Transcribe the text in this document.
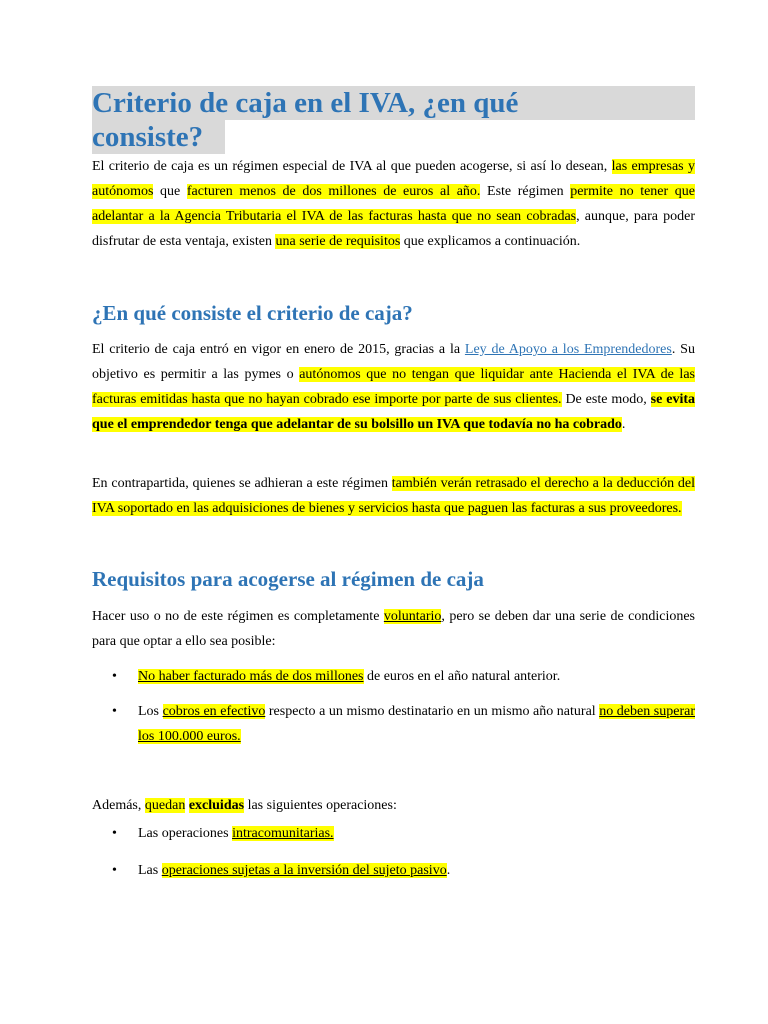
Criterio de caja en el IVA, ¿en qué
consiste?

El criterio de caja es un régimen especial de IVA al que pueden acogerse, si así lo desean, las empresas y autónomos que facturen menos de dos millones de euros al año. Este régimen permite no tener que adelantar a la Agencia Tributaria el IVA de las facturas hasta que no sean cobradas, aunque, para poder disfrutar de esta ventaja, existen una serie de requisitos que explicamos a continuación.

¿En qué consiste el criterio de caja?

El criterio de caja entró en vigor en enero de 2015, gracias a la Ley de Apoyo a los Emprendedores. Su objetivo es permitir a las pymes o autónomos que no tengan que liquidar ante Hacienda el IVA de las facturas emitidas hasta que no hayan cobrado ese importe por parte de sus clientes. De este modo, se evita que el emprendedor tenga que adelantar de su bolsillo un IVA que todavía no ha cobrado.

En contrapartida, quienes se adhieran a este régimen también verán retrasado el derecho a la deducción del IVA soportado en las adquisiciones de bienes y servicios hasta que paguen las facturas a sus proveedores.

Requisitos para acogerse al régimen de caja

Hacer uso o no de este régimen es completamente voluntario, pero se deben dar una serie de condiciones para que optar a ello sea posible:

•	No haber facturado más de dos millones de euros en el año natural anterior.
•	Los cobros en efectivo respecto a un mismo destinatario en un mismo año natural no deben superar los 100.000 euros.

Además, quedan excluidas las siguientes operaciones:

•	Las operaciones intracomunitarias.
•	Las operaciones sujetas a la inversión del sujeto pasivo.
